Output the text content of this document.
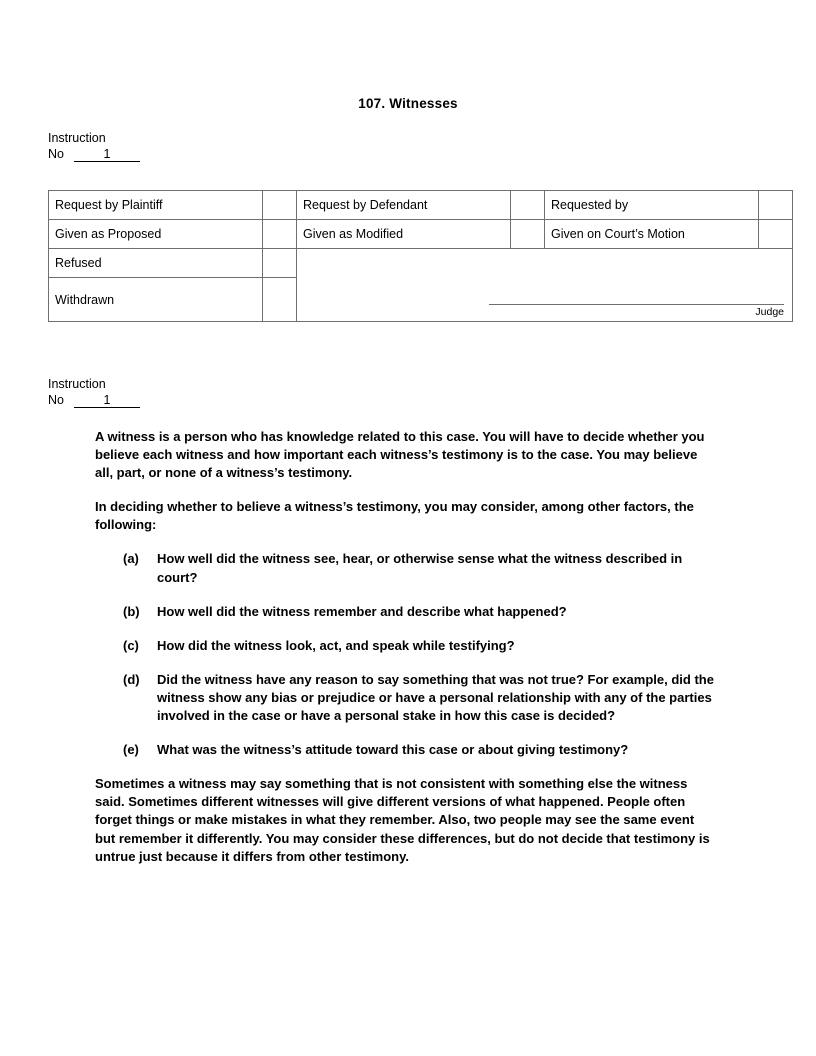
107. Witnesses
Instruction
No	1
Request by Plaintiff		Request by Defendant		Requested by	
Given as Proposed		Given as Modified		Given on Court’s Motion	
Refused		Judge			

Withdrawn					
Instruction
No	1

A witness is a person who has knowledge related to this case. You will have to decide whether you believe each witness and how important each witness’s testimony is to the case. You may believe all, part, or none of a witness’s testimony.

In deciding whether to believe a witness’s testimony, you may consider, among other factors, the following:

(a) How well did the witness see, hear, or otherwise sense what the witness described in court?
(b) How well did the witness remember and describe what happened?
(c) How did the witness look, act, and speak while testifying?
(d) Did the witness have any reason to say something that was not true? For example, did the witness show any bias or prejudice or have a personal relationship with any of the parties involved in the case or have a personal stake in how this case is decided?
(e) What was the witness’s attitude toward this case or about giving testimony?

Sometimes a witness may say something that is not consistent with something else the witness said. Sometimes different witnesses will give different versions of what happened. People often forget things or make mistakes in what they remember. Also, two people may see the same event but remember it differently. You may consider these differences, but do not decide that testimony is untrue just because it differs from other testimony.
